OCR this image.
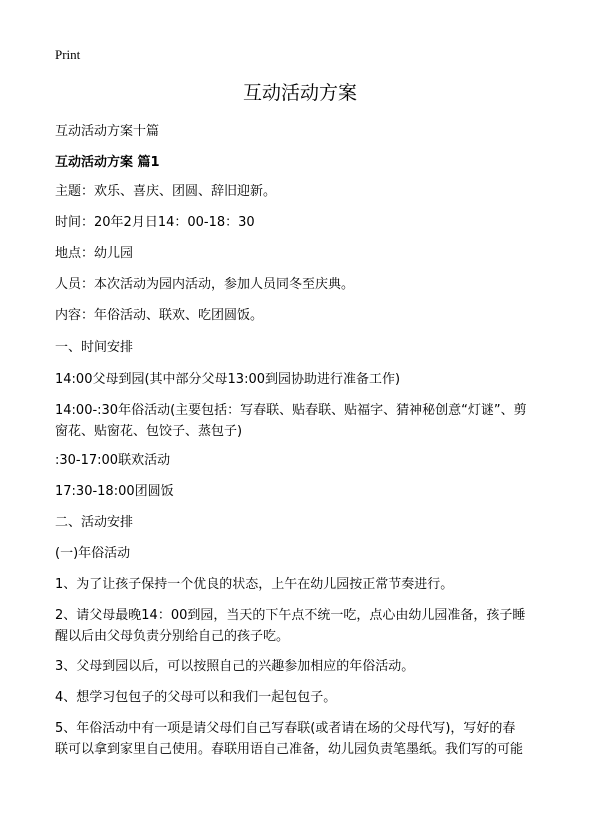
Print
互动活动方案

互动活动方案十篇

互动活动方案 篇1

主题：欢乐、喜庆、团圆、辞旧迎新。

时间：20年2月日14：00-18：30

地点：幼儿园

人员：本次活动为园内活动，参加人员同冬至庆典。

内容：年俗活动、联欢、吃团圆饭。

一、时间安排

14:00父母到园(其中部分父母13:00到园协助进行准备工作)

14:00-:30年俗活动(主要包括：写春联、贴春联、贴福字、猜神秘创意“灯谜”、剪
窗花、贴窗花、包饺子、蒸包子)

:30-17:00联欢活动

17:30-18:00团圆饭

二、活动安排

(一)年俗活动

1、为了让孩子保持一个优良的状态，上午在幼儿园按正常节奏进行。

2、请父母最晚14：00到园，当天的下午点不统一吃，点心由幼儿园准备，孩子睡
醒以后由父母负责分别给自己的孩子吃。

3、父母到园以后，可以按照自己的兴趣参加相应的年俗活动。

4、想学习包包子的父母可以和我们一起包包子。

5、年俗活动中有一项是请父母们自己写春联(或者请在场的父母代写)，写好的春
联可以拿到家里自己使用。春联用语自己准备，幼儿园负责笔墨纸。我们写的可能
